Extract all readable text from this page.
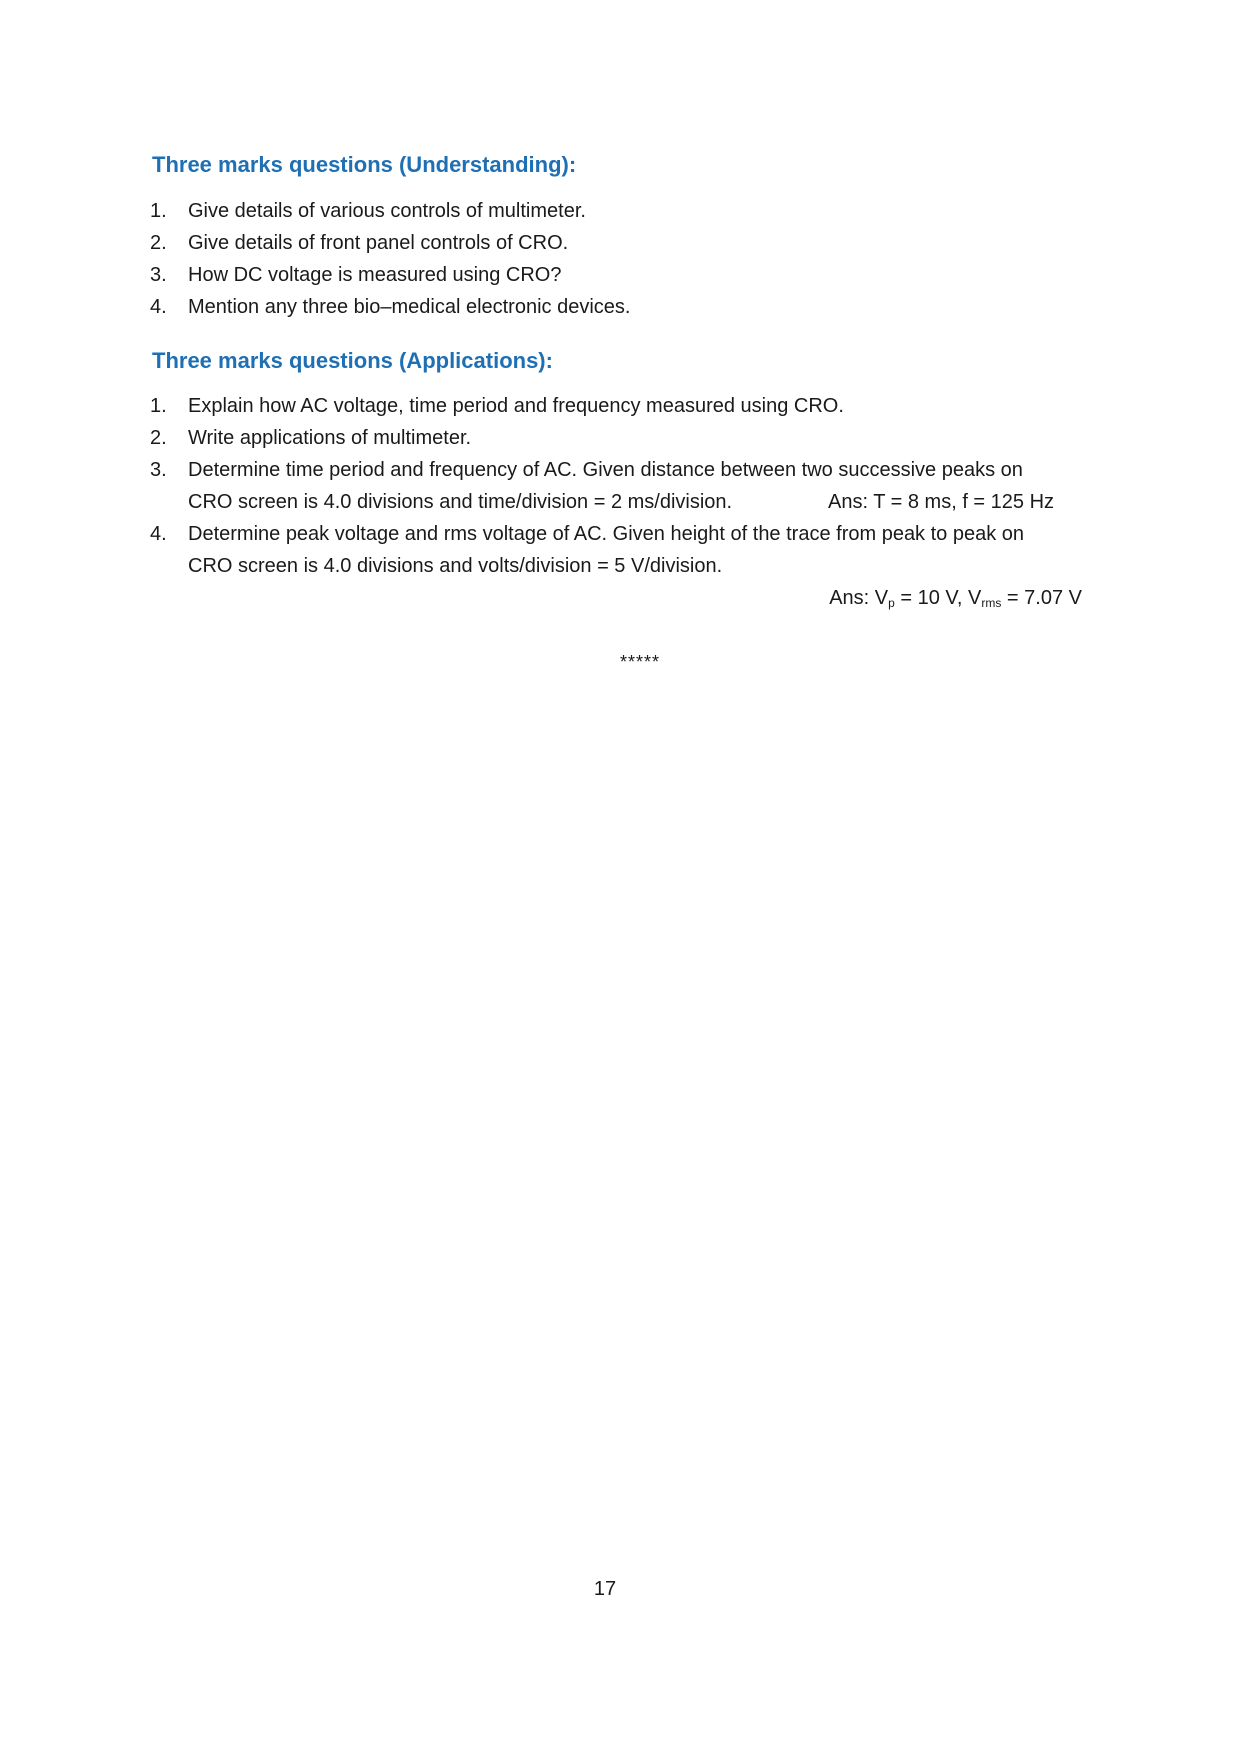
Three marks questions (Understanding):
1. Give details of various controls of multimeter.
2. Give details of front panel controls of CRO.
3. How DC voltage is measured using CRO?
4. Mention any three bio–medical electronic devices.
Three marks questions (Applications):
1. Explain how AC voltage, time period and frequency measured using CRO.
2. Write applications of multimeter.
3. Determine time period and frequency of AC. Given distance between two successive peaks on
CRO screen is 4.0 divisions and time/division = 2 ms/division.	Ans: T = 8 ms, f = 125 Hz
4. Determine peak voltage and rms voltage of AC. Given height of the trace from peak to peak on
CRO screen is 4.0 divisions and volts/division = 5 V/division.
Ans: $V_p = 10$ V, $V_{rms} = 7.07$ V
*****
17
